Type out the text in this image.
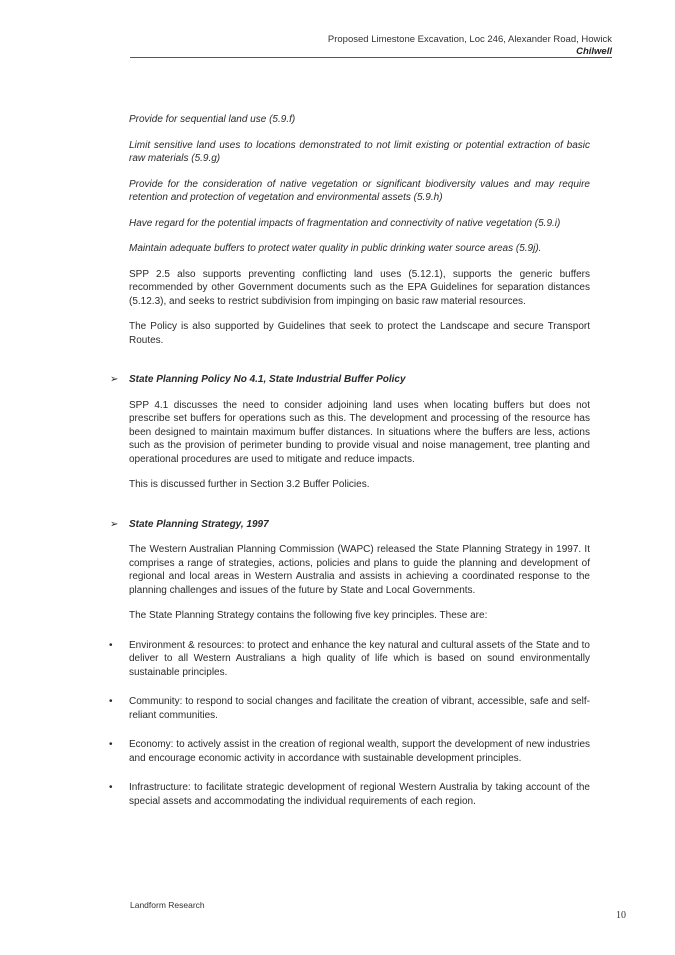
Proposed Limestone Excavation, Loc 246, Alexander Road, Howick
Chilwell

Provide for sequential land use (5.9.f)

Limit sensitive land uses to locations demonstrated to not limit existing or potential extraction of basic raw materials (5.9.g)

Provide for the consideration of native vegetation or significant biodiversity values and may require retention and protection of vegetation and environmental assets (5.9.h)

Have regard for the potential impacts of fragmentation and connectivity of native vegetation (5.9.i)

Maintain adequate buffers to protect water quality in public drinking water source areas (5.9j).

SPP 2.5 also supports preventing conflicting land uses (5.12.1), supports the generic buffers recommended by other Government documents such as the EPA Guidelines for separation distances (5.12.3), and seeks to restrict subdivision from impinging on basic raw material resources.

The Policy is also supported by Guidelines that seek to protect the Landscape and secure Transport Routes.

➢ State Planning Policy No 4.1, State Industrial Buffer Policy

SPP 4.1 discusses the need to consider adjoining land uses when locating buffers but does not prescribe set buffers for operations such as this. The development and processing of the resource has been designed to maintain maximum buffer distances. In situations where the buffers are less, actions such as the provision of perimeter bunding to provide visual and noise management, tree planting and operational procedures are used to mitigate and reduce impacts.

This is discussed further in Section 3.2 Buffer Policies.

➢ State Planning Strategy, 1997

The Western Australian Planning Commission (WAPC) released the State Planning Strategy in 1997. It comprises a range of strategies, actions, policies and plans to guide the planning and development of regional and local areas in Western Australia and assists in achieving a coordinated response to the planning challenges and issues of the future by State and Local Governments.

The State Planning Strategy contains the following five key principles. These are:

• Environment & resources: to protect and enhance the key natural and cultural assets of the State and to deliver to all Western Australians a high quality of life which is based on sound environmentally sustainable principles.

• Community: to respond to social changes and facilitate the creation of vibrant, accessible, safe and self-reliant communities.

• Economy: to actively assist in the creation of regional wealth, support the development of new industries and encourage economic activity in accordance with sustainable development principles.

• Infrastructure: to facilitate strategic development of regional Western Australia by taking account of the special assets and accommodating the individual requirements of each region.

Landform Research
10
